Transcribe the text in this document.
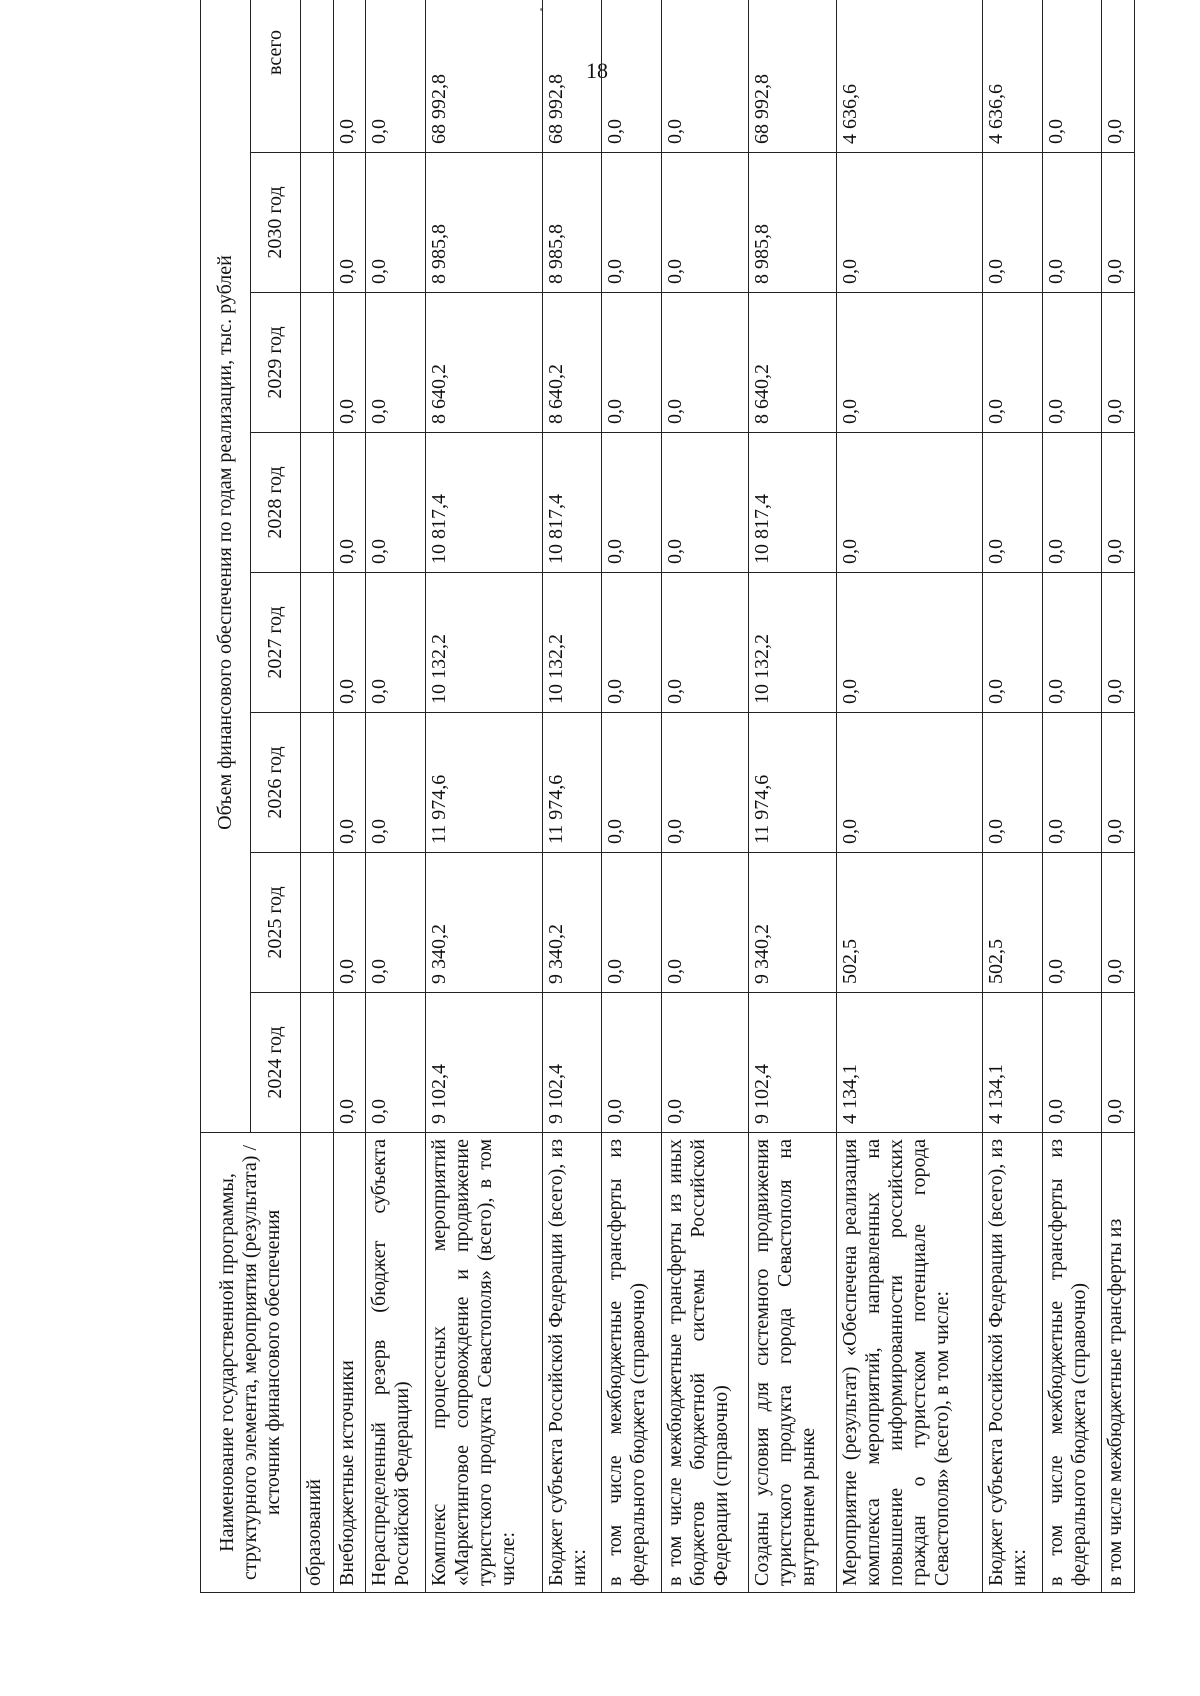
18
Наименование государственной программы, структурного элемента, мероприятия (результата) / источник финансового обеспечения	Объем финансового обеспечения по годам реализации, тыс. рублей							
	2024 год	2025 год	2026 год	2027 год	2028 год	2029 год	2030 год	всего
образований								
Внебюджетные источники	0,0	0,0	0,0	0,0	0,0	0,0	0,0	0,0
Нераспределенный резерв (бюджет субъекта Российской Федерации)	0,0	0,0	0,0	0,0	0,0	0,0	0,0	0,0
Комплекс процессных мероприятий «Маркетинговое сопровождение и продвижение туристского продукта Севастополя» (всего), в том числе:	9 102,4	9 340,2	11 974,6	10 132,2	10 817,4	8 640,2	8 985,8	68 992,8
Бюджет субъекта Российской Федерации (всего), из них:	9 102,4	9 340,2	11 974,6	10 132,2	10 817,4	8 640,2	8 985,8	68 992,8
в том числе межбюджетные трансферты из федерального бюджета (справочно)	0,0	0,0	0,0	0,0	0,0	0,0	0,0	0,0
в том числе межбюджетные трансферты из иных бюджетов бюджетной системы Российской Федерации (справочно)	0,0	0,0	0,0	0,0	0,0	0,0	0,0	0,0
Созданы условия для системного продвижения туристского продукта города Севастополя на внутреннем рынке	9 102,4	9 340,2	11 974,6	10 132,2	10 817,4	8 640,2	8 985,8	68 992,8
Мероприятие (результат) «Обеспечена реализация комплекса мероприятий, направленных на повышение информированности российских граждан о туристском потенциале города Севастополя» (всего), в том числе:	4 134,1	502,5	0,0	0,0	0,0	0,0	0,0	4 636,6
Бюджет субъекта Российской Федерации (всего), из них:	4 134,1	502,5	0,0	0,0	0,0	0,0	0,0	4 636,6
в том числе межбюджетные трансферты из федерального бюджета (справочно)	0,0	0,0	0,0	0,0	0,0	0,0	0,0	0,0
в том числе межбюджетные трансферты из	0,0	0,0	0,0	0,0	0,0	0,0	0,0	0,0
